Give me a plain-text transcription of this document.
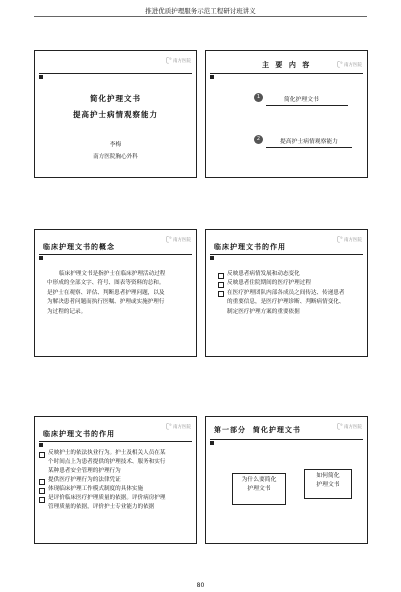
推进优质护理服务示范工程研讨班讲义
ʗ⁹ 南方医院
简化护理文书
提高护士病情观察能力
李梅
南方医院胸心外科
ʗ⁹ 南方医院
主 要 内 容
1	简化护理文书
2	提高护士病情观察能力
ʗ⁹ 南方医院
临床护理文书的概念
临床护理文书是指护士在临床护理活动过程
中形成的全部文字、符号、图表等资料的总和。
是护士在观察、评估、判断患者护理问题，以及
为解决患者问题而执行医嘱、护理或实施护理行
为过程的记录。
ʗ⁹ 南方医院
临床护理文书的作用
反映患者病情发展和动态变化
反映患者住院期间的医疗护理过程
在医疗护理团队内部各成员之间传达、传递患者
的重要信息，是医疗护理诊断、判断病情变化、
制定医疗护理方案的重要依据
ʗ⁹ 南方医院
临床护理文书的作用
反映护士的依法执业行为。护士及相关人员在某
个时间点上为患者提供的护理技术、服务和实行
某种患者安全管理的护理行为
提供医疗护理行为的法律凭证
体现临床护理工作模式制度的具体实施
是评价临床医疗护理质量的依据。评价病房护理
管理质量的依据，评价护士专业能力的依据
ʗ⁹ 南方医院
第一部分  简化护理文书
为什么要简化
护理文书
如何简化
护理文书
80
